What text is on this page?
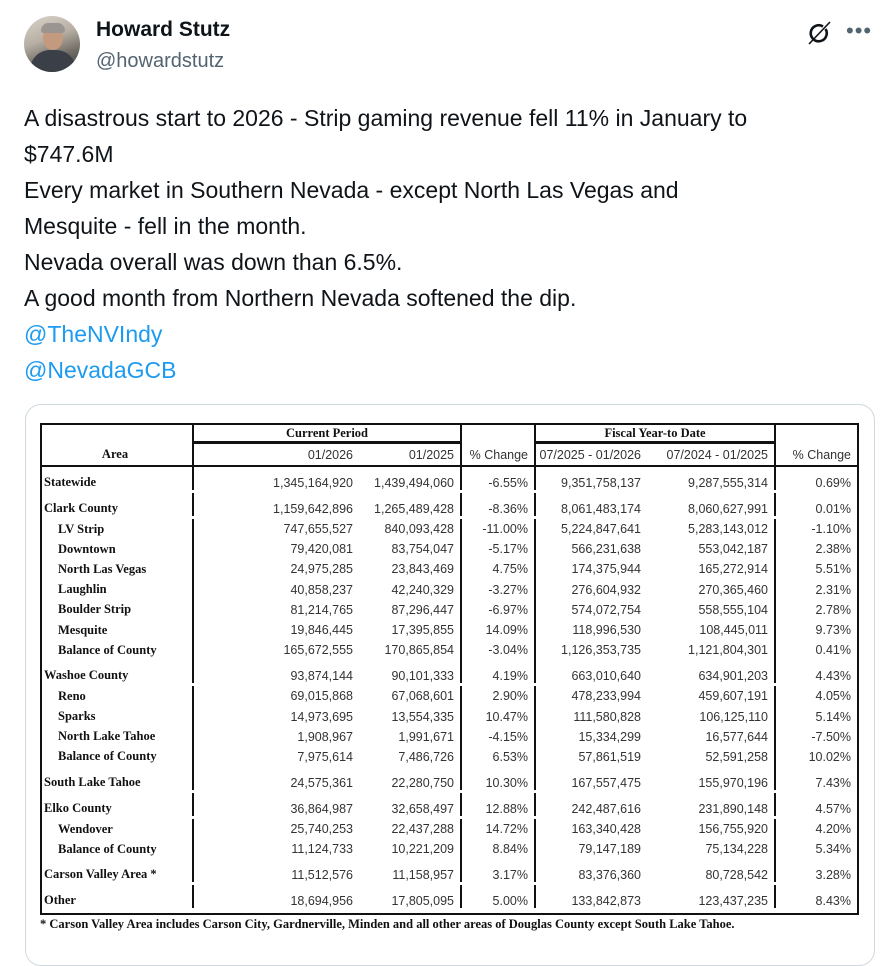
Howard Stutz
@howardstutz
•••
A disastrous start to 2026 - Strip gaming revenue fell 11% in January to
$747.6M
Every market in Southern Nevada - except North Las Vegas and
Mesquite - fell in the month.
Nevada overall was down than 6.5%.
A good month from Northern Nevada softened the dip.
@TheNVIndy
@NevadaGCB
Current Period	Fiscal Year-to Date
Area	01/2026	01/2025	% Change 07/2025 - 01/2026	07/2024 - 01/2025	% Change
Statewide	1,345,164,920	1,439,494,060	-6.55%	9,351,758,137	9,287,555,314	0.69%
Clark County	1,159,642,896	1,265,489,428	-8.36%	8,061,483,174	8,060,627,991	0.01%
LV Strip	747,655,527	840,093,428	-11.00%	5,224,847,641	5,283,143,012	-1.10%
Downtown	79,420,081	83,754,047	-5.17%	566,231,638	553,042,187	2.38%
North Las Vegas	24,975,285	23,843,469	4.75%	174,375,944	165,272,914	5.51%
Laughlin	40,858,237	42,240,329	-3.27%	276,604,932	270,365,460	2.31%
Boulder Strip	81,214,765	87,296,447	-6.97%	574,072,754	558,555,104	2.78%
Mesquite	19,846,445	17,395,855	14.09%	118,996,530	108,445,011	9.73%
Balance of County	165,672,555	170,865,854	-3.04%	1,126,353,735	1,121,804,301	0.41%
Washoe County	93,874,144	90,101,333	4.19%	663,010,640	634,901,203	4.43%
Reno	69,015,868	67,068,601	2.90%	478,233,994	459,607,191	4.05%
Sparks	14,973,695	13,554,335	10.47%	111,580,828	106,125,110	5.14%
North Lake Tahoe	1,908,967	1,991,671	-4.15%	15,334,299	16,577,644	-7.50%
Balance of County	7,975,614	7,486,726	6.53%	57,861,519	52,591,258	10.02%
South Lake Tahoe	24,575,361	22,280,750	10.30%	167,557,475	155,970,196	7.43%
Elko County	36,864,987	32,658,497	12.88%	242,487,616	231,890,148	4.57%
Wendover	25,740,253	22,437,288	14.72%	163,340,428	156,755,920	4.20%
Balance of County	11,124,733	10,221,209	8.84%	79,147,189	75,134,228	5.34%
Carson Valley Area *	11,512,576	11,158,957	3.17%	83,376,360	80,728,542	3.28%
Other	18,694,956	17,805,095	5.00%	133,842,873	123,437,235	8.43%
* Carson Valley Area includes Carson City, Gardnerville, Minden and all other areas of Douglas County except South Lake Tahoe.
